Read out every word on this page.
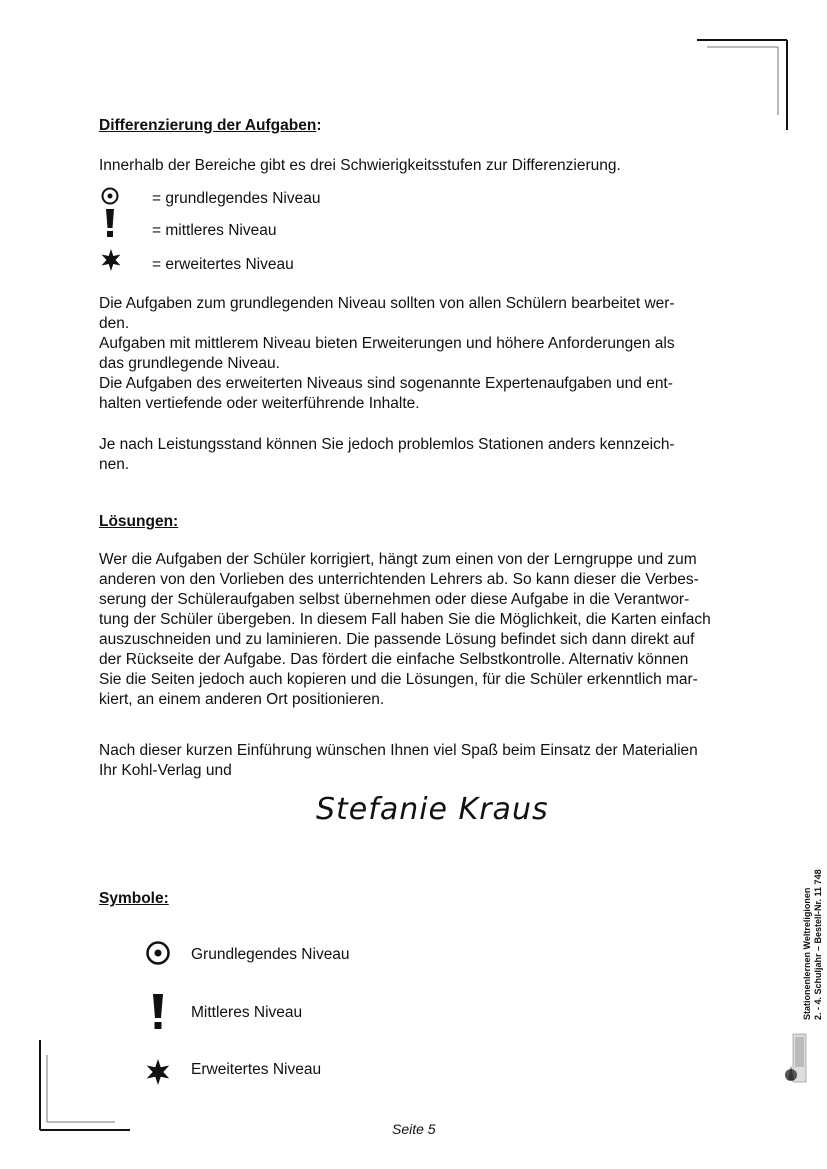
Differenzierung der Aufgaben:
Innerhalb der Bereiche gibt es drei Schwierigkeitsstufen zur Differenzierung.
= grundlegendes Niveau
= mittleres Niveau
= erweitertes Niveau
Die Aufgaben zum grundlegenden Niveau sollten von allen Schülern bearbeitet wer-
den.
Aufgaben mit mittlerem Niveau bieten Erweiterungen und höhere Anforderungen als
das grundlegende Niveau.
Die Aufgaben des erweiterten Niveaus sind sogenannte Expertenaufgaben und ent-
halten vertiefende oder weiterführende Inhalte.
Je nach Leistungsstand können Sie jedoch problemlos Stationen anders kennzeich-
nen.
Lösungen:
Wer die Aufgaben der Schüler korrigiert, hängt zum einen von der Lerngruppe und zum
anderen von den Vorlieben des unterrichtenden Lehrers ab. So kann dieser die Verbes-
serung der Schüleraufgaben selbst übernehmen oder diese Aufgabe in die Verantwor-
tung der Schüler übergeben. In diesem Fall haben Sie die Möglichkeit, die Karten einfach
auszuschneiden und zu laminieren. Die passende Lösung befindet sich dann direkt auf
der Rückseite der Aufgabe. Das fördert die einfache Selbstkontrolle. Alternativ können
Sie die Seiten jedoch auch kopieren und die Lösungen, für die Schüler erkenntlich mar-
kiert, an einem anderen Ort positionieren.
Nach dieser kurzen Einführung wünschen Ihnen viel Spaß beim Einsatz der Materialien
Ihr Kohl-Verlag und
Stefanie Kraus
Symbole:
Grundlegendes Niveau
Mittleres Niveau
Erweitertes Niveau
Stationenlernen Weltreligionen 2. - 4. Schuljahr – Bestell-Nr. 11 748
Seite 5
